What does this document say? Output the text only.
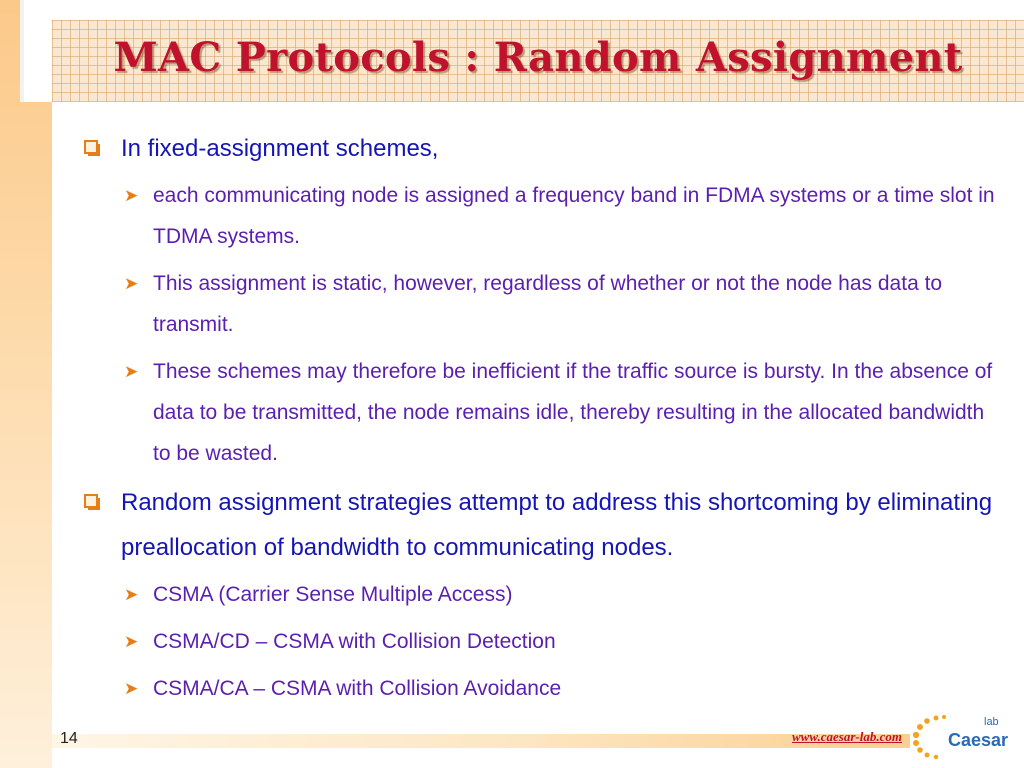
MAC Protocols : Random Assignment

In fixed-assignment schemes,

➤ each communicating node is assigned a frequency band in FDMA systems or a time slot in TDMA systems.

➤ This assignment is static, however, regardless of whether or not the node has data to transmit.

➤ These schemes may therefore be inefficient if the traffic source is bursty. In the absence of data to be transmitted, the node remains idle, thereby resulting in the allocated bandwidth to be wasted.

Random assignment strategies attempt to address this shortcoming by eliminating preallocation of bandwidth to communicating nodes.

➤ CSMA (Carrier Sense Multiple Access)

➤ CSMA/CD – CSMA with Collision Detection

➤ CSMA/CA – CSMA with Collision Avoidance

14	www.caesar-lab.com
lab
Caesar
